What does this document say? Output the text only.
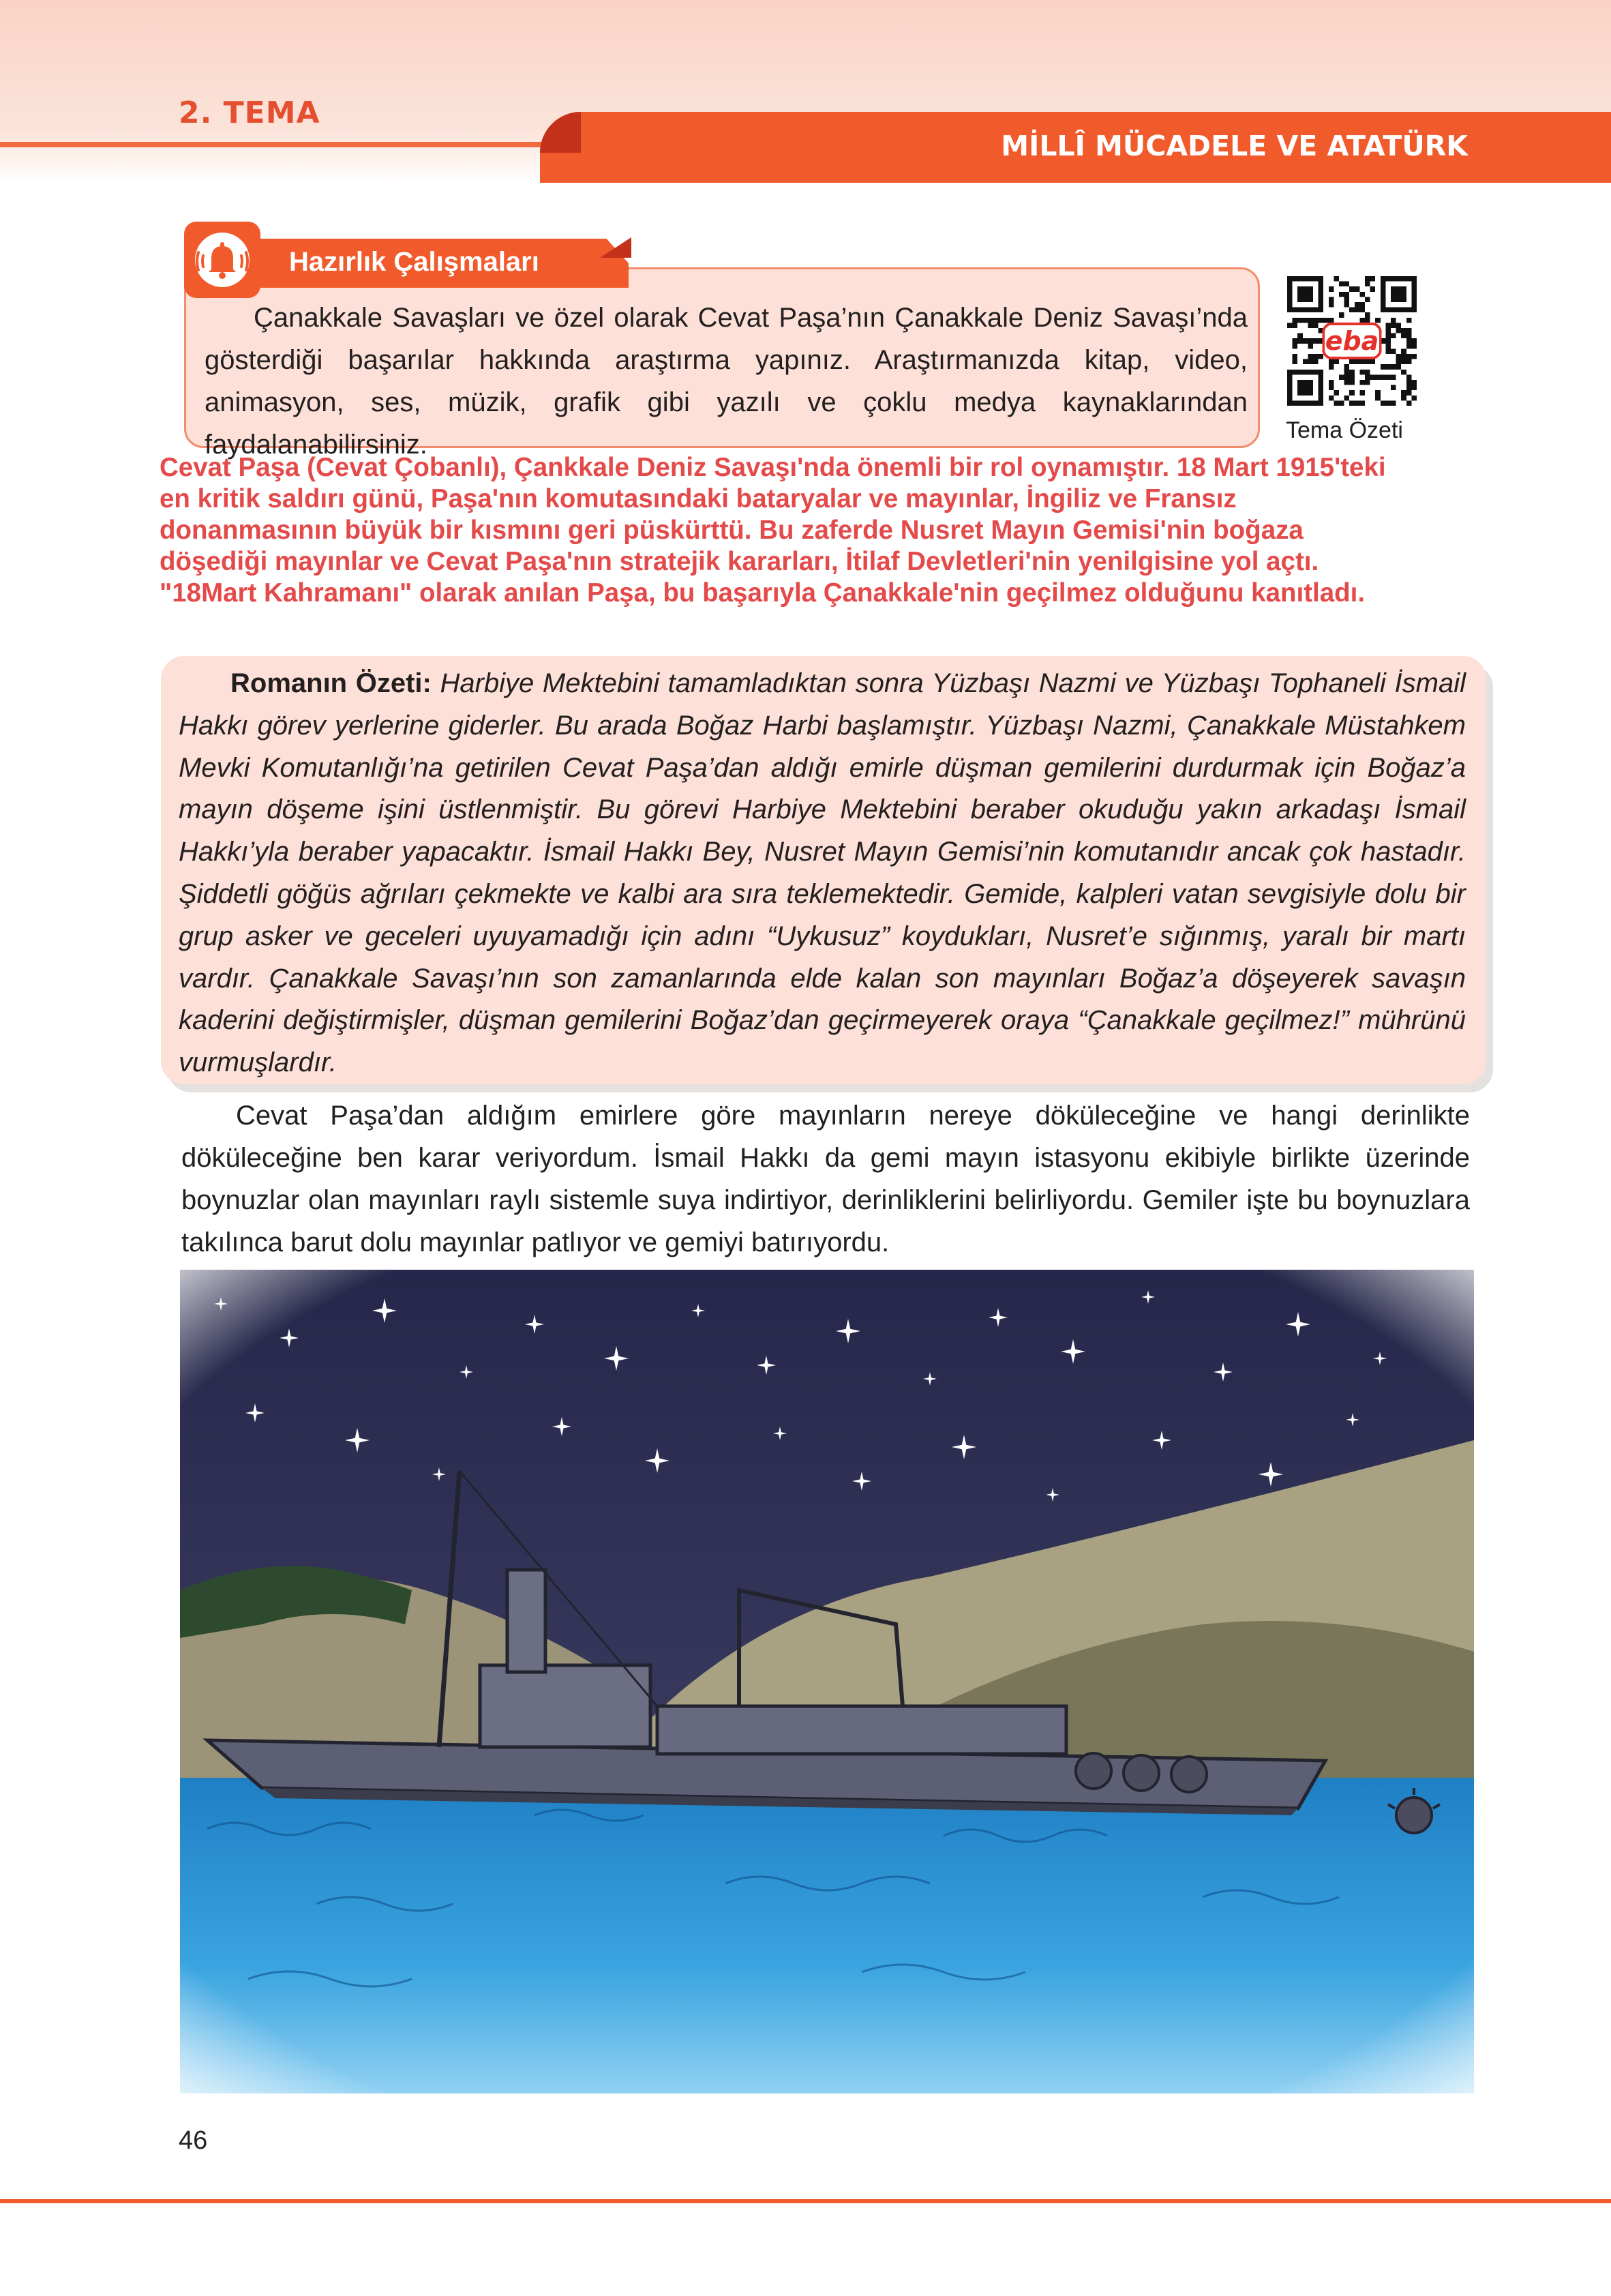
2. TEMA
MİLLÎ MÜCADELE VE ATATÜRK
Hazırlık Çalışmaları

Çanakkale Savaşları ve özel olarak Cevat Paşa’nın Çanakkale Deniz Savaşı’nda gösterdiği başarılar hakkında araştırma yapınız. Araştırmanızda kitap, video, animasyon, ses, müzik, grafik gibi yazılı ve çoklu medya kaynaklarından faydalanabilirsiniz.

eba
Tema Özeti
Cevat Paşa (Cevat Çobanlı), Çankkale Deniz Savaşı'nda önemli bir rol oynamıştır. 18 Mart 1915'teki en kritik saldırı günü, Paşa'nın komutasındaki bataryalar ve mayınlar, İngiliz ve Fransız donanmasının büyük bir kısmını geri püskürttü. Bu zaferde Nusret Mayın Gemisi'nin boğaza döşediği mayınlar ve Cevat Paşa'nın stratejik kararları, İtilaf Devletleri'nin yenilgisine yol açtı. "18Mart Kahramanı" olarak anılan Paşa, bu başarıyla Çanakkale'nin geçilmez olduğunu kanıtladı.

Romanın Özeti: Harbiye Mektebini tamamladıktan sonra Yüzbaşı Nazmi ve Yüzbaşı Tophaneli İsmail Hakkı görev yerlerine giderler. Bu arada Boğaz Harbi başlamıştır. Yüzbaşı Nazmi, Çanakkale Müstahkem Mevki Komutanlığı’na getirilen Cevat Paşa’dan aldığı emirle düşman gemilerini durdurmak için Boğaz’a mayın döşeme işini üstlenmiştir. Bu görevi Harbiye Mektebini beraber okuduğu yakın arkadaşı İsmail Hakkı’yla beraber yapacaktır. İsmail Hakkı Bey, Nusret Mayın Gemisi’nin komutanıdır ancak çok hastadır. Şiddetli göğüs ağrıları çekmekte ve kalbi ara sıra teklemektedir. Gemide, kalpleri vatan sevgisiyle dolu bir grup asker ve geceleri uyuyamadığı için adını “Uykusuz” koydukları, Nusret’e sığınmış, yaralı bir martı vardır. Çanakkale Savaşı’nın son zamanlarında elde kalan son mayınları Boğaz’a döşeyerek savaşın kaderini değiştirmişler, düşman gemilerini Boğaz’dan geçirmeyerek oraya “Çanakkale geçilmez!” mührünü vurmuşlardır.

Cevat Paşa’dan aldığım emirlere göre mayınların nereye döküleceğine ve hangi derinlikte döküleceğine ben karar veriyordum. İsmail Hakkı da gemi mayın istasyonu ekibiyle birlikte üzerinde boynuzlar olan mayınları raylı sistemle suya indirtiyor, derinliklerini belirliyordu. Gemiler işte bu boynuzlara takılınca barut dolu mayınlar patlıyor ve gemiyi batırıyordu.

46
